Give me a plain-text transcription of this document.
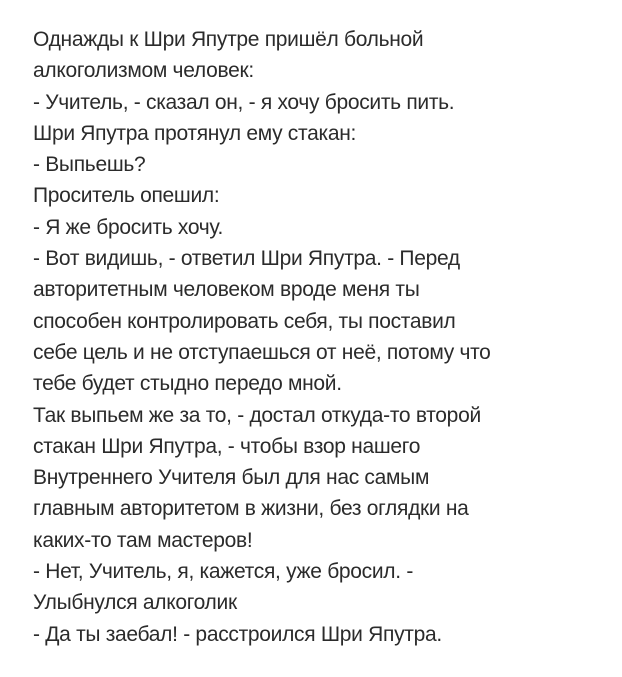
Однажды к Шри Япутре пришёл больной
алкоголизмом человек:
- Учитель, - сказал он, - я хочу бросить пить.
Шри Япутра протянул ему стакан:
- Выпьешь?
Проситель опешил:
- Я же бросить хочу.
- Вот видишь, - ответил Шри Япутра. - Перед
авторитетным человеком вроде меня ты
способен контролировать себя, ты поставил
себе цель и не отступаешься от неё, потому что
тебе будет стыдно передо мной.
Так выпьем же за то, - достал откуда-то второй
стакан Шри Япутра, - чтобы взор нашего
Внутреннего Учителя был для нас самым
главным авторитетом в жизни, без оглядки на
каких-то там мастеров!
- Нет, Учитель, я, кажется, уже бросил. -
Улыбнулся алкоголик
- Да ты заебал! - расстроился Шри Япутра.
